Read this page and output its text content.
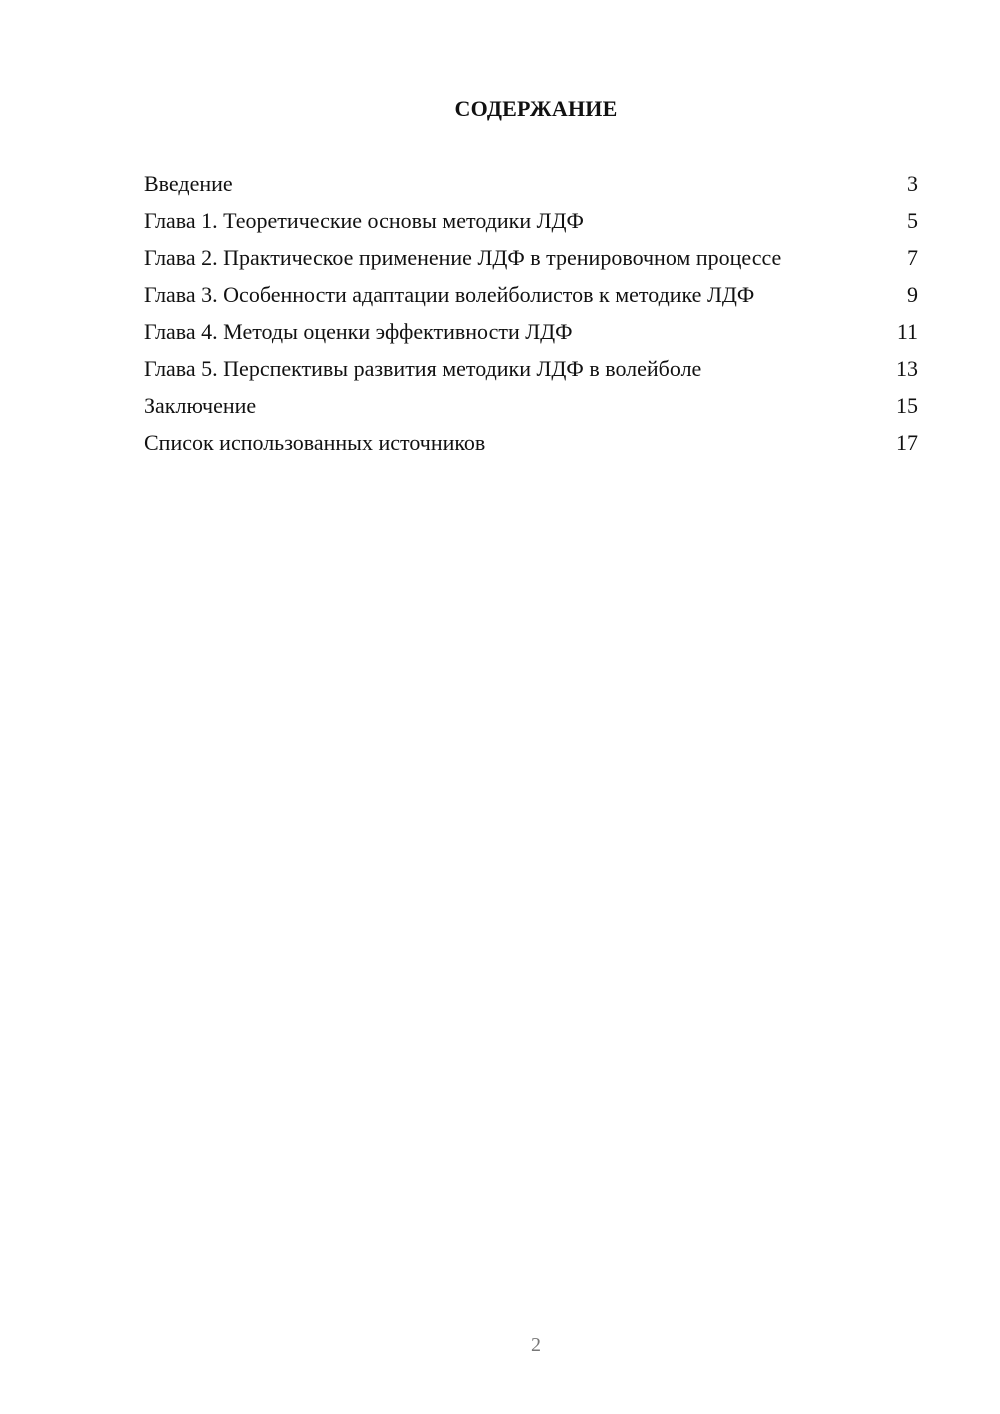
СОДЕРЖАНИЕ
Введение	3
Глава 1. Теоретические основы методики ЛДФ	5
Глава 2. Практическое применение ЛДФ в тренировочном процессе	7
Глава 3. Особенности адаптации волейболистов к методике ЛДФ	9
Глава 4. Методы оценки эффективности ЛДФ	11
Глава 5. Перспективы развития методики ЛДФ в волейболе	13
Заключение	15
Список использованных источников	17
2
